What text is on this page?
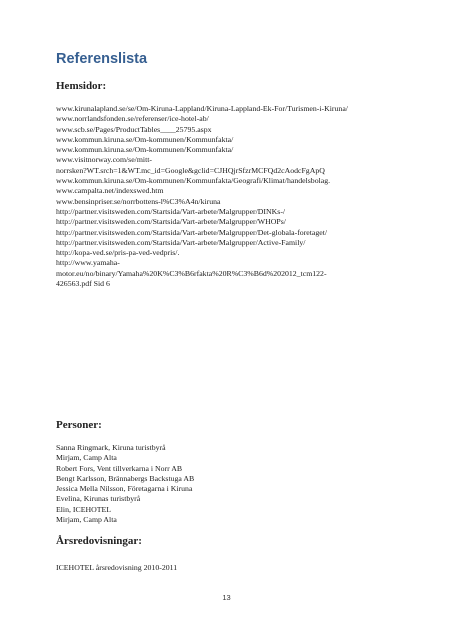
Referenslista
Hemsidor:
www.kirunalapland.se/se/Om-Kiruna-Lappland/Kiruna-Lappland-Ek-For/Turismen-i-Kiruna/
www.norrlandsfonden.se/referenser/ice-hotel-ab/
www.scb.se/Pages/ProductTables____25795.aspx
www.kommun.kiruna.se/Om-kommunen/Kommunfakta/
www.kommun.kiruna.se/Om-kommunen/Kommunfakta/
www.visitnorway.com/se/mitt-
norrsken?WT.srch=1&WT.mc_id=Google&gclid=CJHQjrSfzrMCFQd2cAodcFgApQ
www.kommun.kiruna.se/Om-kommunen/Kommunfakta/Geografi/Klimat/handelsbolag.
www.campalta.net/indexswed.htm
www.bensinpriser.se/norrbottens-l%C3%A4n/kiruna
http://partner.visitsweden.com/Startsida/Vart-arbete/Malgrupper/DINKs-/
http://partner.visitsweden.com/Startsida/Vart-arbete/Malgrupper/WHOPs/
http://partner.visitsweden.com/Startsida/Vart-arbete/Malgrupper/Det-globala-foretaget/
http://partner.visitsweden.com/Startsida/Vart-arbete/Malgrupper/Active-Family/
http://kopa-ved.se/pris-pa-ved-vedpris/.
http://www.yamaha-
motor.eu/no/binary/Yamaha%20K%C3%B6rfakta%20R%C3%B6d%202012_tcm122-
426563.pdf Sid 6
Personer:
Sanna Ringmark, Kiruna turistbyrå
Mirjam, Camp Alta
Robert Fors, Vent tillverkarna i Norr AB
Bengt Karlsson, Brännabergs Backstuga AB
Jessica Mella Nilsson, Företagarna i Kiruna
Evelina, Kirunas turistbyrå
Elin, ICEHOTEL
Mirjam, Camp Alta
Årsredovisningar:
ICEHOTEL årsredovisning 2010-2011
13
